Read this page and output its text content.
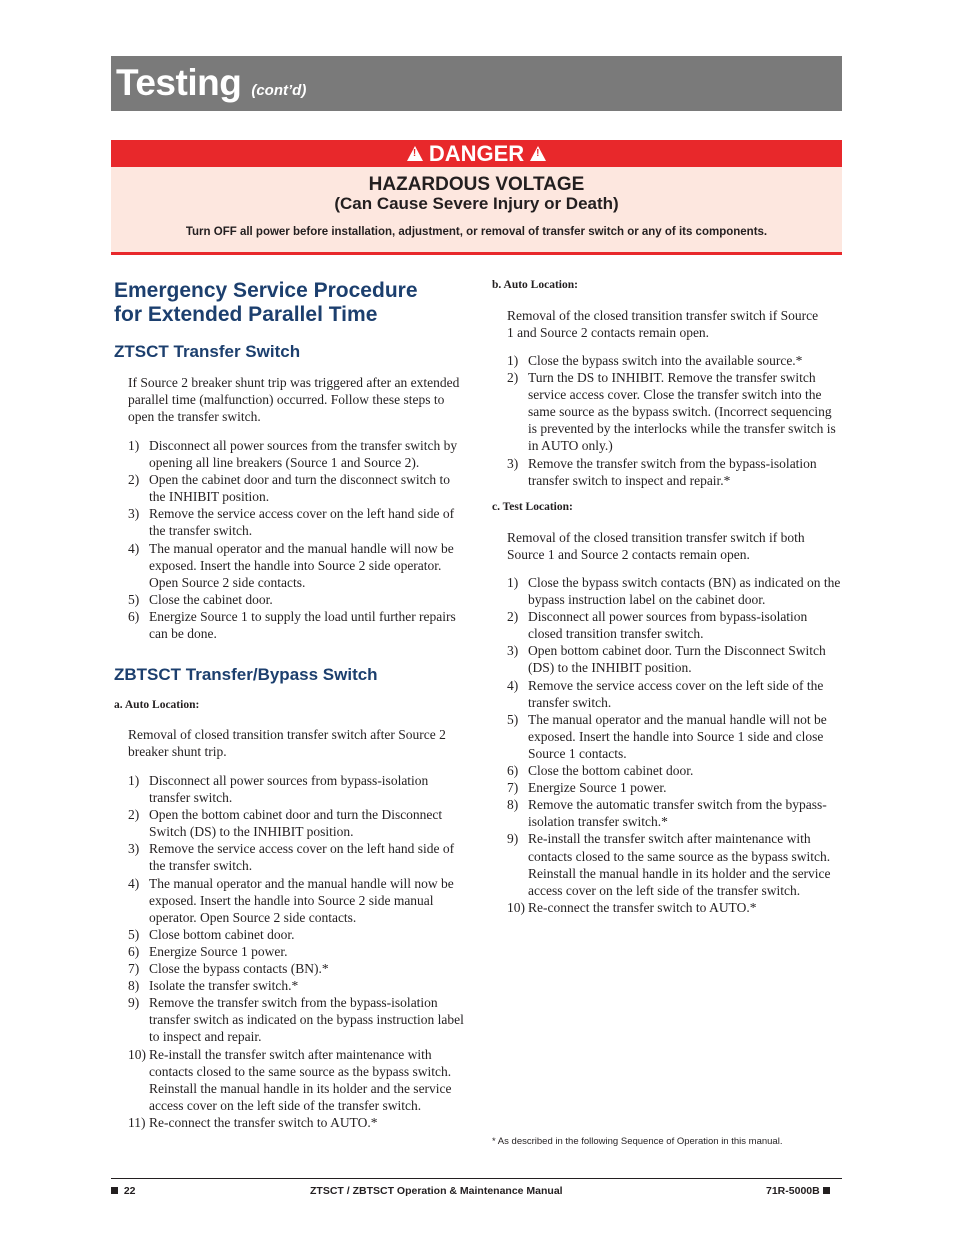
Testing (cont’d)
!DANGER!
HAZARDOUS VOLTAGE
(Can Cause Severe Injury or Death)
Turn OFF all power before installation, adjustment, or removal of transfer switch or any of its components.
Emergency Service Procedure
for Extended Parallel Time
ZTSCT Transfer Switch
If Source 2 breaker shunt trip was triggered after an extended parallel time (malfunction) occurred. Follow these steps to open the transfer switch.
1) Disconnect all power sources from the transfer switch by opening all line breakers (Source 1 and Source 2).
2) Open the cabinet door and turn the disconnect switch to the INHIBIT position.
3) Remove the service access cover on the left hand side of the transfer switch.
4) The manual operator and the manual handle will now be exposed. Insert the handle into Source 2 side operator. Open Source 2 side contacts.
5) Close the cabinet door.
6) Energize Source 1 to supply the load until further repairs can be done.
ZBTSCT Transfer/Bypass Switch
a. Auto Location:
Removal of closed transition transfer switch after Source 2 breaker shunt trip.
1) Disconnect all power sources from bypass-isolation transfer switch.
2) Open the bottom cabinet door and turn the Disconnect Switch (DS) to the INHIBIT position.
3) Remove the service access cover on the left hand side of the transfer switch.
4) The manual operator and the manual handle will now be exposed. Insert the handle into Source 2 side manual operator. Open Source 2 side contacts.
5) Close bottom cabinet door.
6) Energize Source 1 power.
7) Close the bypass contacts (BN).*
8) Isolate the transfer switch.*
9) Remove the transfer switch from the bypass-isolation transfer switch as indicated on the bypass instruction label to inspect and repair.
10) Re-install the transfer switch after maintenance with contacts closed to the same source as the bypass switch. Reinstall the manual handle in its holder and the service access cover on the left side of the transfer switch.
11) Re-connect the transfer switch to AUTO.*
b. Auto Location:
Removal of the closed transition transfer switch if Source 1 and Source 2 contacts remain open.
1) Close the bypass switch into the available source.*
2) Turn the DS to INHIBIT. Remove the transfer switch service access cover. Close the transfer switch into the same source as the bypass switch. (Incorrect sequencing is prevented by the interlocks while the transfer switch is in AUTO only.)
3) Remove the transfer switch from the bypass-isolation transfer switch to inspect and repair.*
c. Test Location:
Removal of the closed transition transfer switch if both Source 1 and Source 2 contacts remain open.
1) Close the bypass switch contacts (BN) as indicated on the bypass instruction label on the cabinet door.
2) Disconnect all power sources from bypass-isolation closed transition transfer switch.
3) Open bottom cabinet door. Turn the Disconnect Switch (DS) to the INHIBIT position.
4) Remove the service access cover on the left side of the transfer switch.
5) The manual operator and the manual handle will not be exposed. Insert the handle into Source 1 side and close Source 1 contacts.
6) Close the bottom cabinet door.
7) Energize Source 1 power.
8) Remove the automatic transfer switch from the bypass-isolation transfer switch.*
9) Re-install the transfer switch after maintenance with contacts closed to the same source as the bypass switch. Reinstall the manual handle in its holder and the service access cover on the left side of the transfer switch.
10) Re-connect the transfer switch to AUTO.*
* As described in the following Sequence of Operation in this manual.
22	ZTSCT / ZBTSCT Operation & Maintenance Manual	71R-5000B
